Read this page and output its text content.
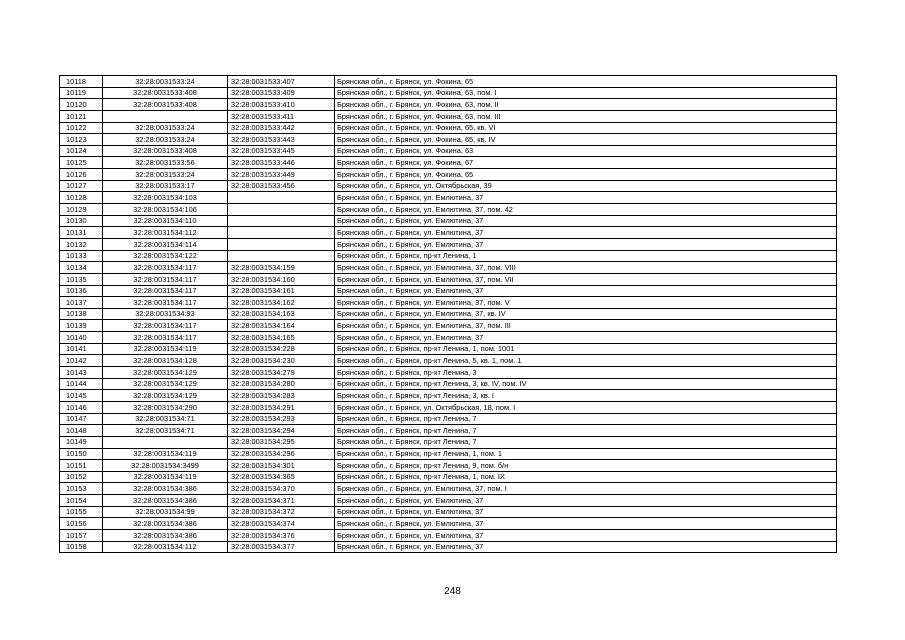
10118	32:28:0031533:24	32:28:0031533:407	Брянская обл., г. Брянск, ул. Фокина, 65
10119	32:28:0031533:408	32:28:0031533:409	Брянская обл., г. Брянск, ул. Фокина, 63, пом. I
10120	32:28:0031533:408	32:28:0031533:410	Брянская обл., г. Брянск, ул. Фокина, 63, пом. II
10121		32:28:0031533:411	Брянская обл., г. Брянск, ул. Фокина, 63, пом. III
10122	32:28:0031533:24	32:28:0031533:442	Брянская обл., г. Брянск, ул. Фокина, 65, кв. VI
10123	32:28:0031533:24	32:28:0031533:443	Брянская обл., г. Брянск, ул. Фокина, 65, кв. IV
10124	32:28:0031533:408	32:28:0031533:445	Брянская обл., г. Брянск, ул. Фокина, 63
10125	32:28:0031533:56	32:28:0031533:446	Брянская обл., г. Брянск, ул. Фокина, 67
10126	32:28:0031533:24	32:28:0031533:449	Брянская обл., г. Брянск, ул. Фокина, 65
10127	32:28:0031533:17	32:28:0031533:456	Брянская обл., г. Брянск, ул. Октябрьская, 39
10128	32:28:0031534:103		Брянская обл., г. Брянск, ул. Емлютина, 37
10129	32:28:0031534:106		Брянская обл., г. Брянск, ул. Емлютина, 37, пом. 42
10130	32:28:0031534:110		Брянская обл., г. Брянск, ул. Емлютина, 37
10131	32:28:0031534:112		Брянская обл., г. Брянск, ул. Емлютина, 37
10132	32:28:0031534:114		Брянская обл., г. Брянск, ул. Емлютина, 37
10133	32:28:0031534:122		Брянская обл., г. Брянск, пр-кт Ленина, 1
10134	32:28:0031534:117	32:28:0031534:159	Брянская обл., г. Брянск, ул. Емлютина, 37, пом. VIII
10135	32:28:0031534:117	32:28:0031534:160	Брянская обл., г. Брянск, ул. Емлютина, 37, пом. VII
10136	32:28:0031534:117	32:28:0031534:161	Брянская обл., г. Брянск, ул. Емлютина, 37
10137	32:28:0031534:117	32:28:0031534:162	Брянская обл., г. Брянск, ул. Емлютина, 37, пом. V
10138	32:28:0031534:93	32:28:0031534:163	Брянская обл., г. Брянск, ул. Емлютина, 37, кв. IV
10139	32:28:0031534:117	32:28:0031534:164	Брянская обл., г. Брянск, ул. Емлютина, 37, пом. III
10140	32:28:0031534:117	32:28:0031534:165	Брянская обл., г. Брянск, ул. Емлютина, 37
10141	32:28:0031534:119	32:28:0031534:228	Брянская обл., г. Брянск, пр-кт Ленина, 1, пом. 1001
10142	32:28:0031534:128	32:28:0031534:230	Брянская обл., г. Брянск, пр-кт Ленина, 5, кв. 1, пом. 1
10143	32:28:0031534:129	32:28:0031534:279	Брянская обл., г. Брянск, пр-кт Ленина, 3
10144	32:28:0031534:129	32:28:0031534:280	Брянская обл., г. Брянск, пр-кт Ленина, 3, кв. IV, пом. IV
10145	32:28:0031534:129	32:28:0031534:283	Брянская обл., г. Брянск, пр-кт Ленина, 3, кв. I
10146	32:28:0031534:290	32:28:0031534:291	Брянская обл., г. Брянск, ул. Октябрьская, 18, пом. I
10147	32:28:0031534:71	32:28:0031534:293	Брянская обл., г. Брянск, пр-кт Ленина, 7
10148	32:28:0031534:71	32:28:0031534:294	Брянская обл., г. Брянск, пр-кт Ленина, 7
10149		32:28:0031534:295	Брянская обл., г. Брянск, пр-кт Ленина, 7
10150	32:28:0031534:119	32:28:0031534:296	Брянская обл., г. Брянск, пр-кт Ленина, 1, пом. 1
10151	32:28:0031534:3499	32:28:0031534:301	Брянская обл., г. Брянск, пр-кт Ленина, 9, пом. б/н
10152	32:28:0031534:119	32:28:0031534:365	Брянская обл., г. Брянск, пр-кт Ленина, 1, пом. IX
10153	32:28:0031534:386	32:28:0031534:370	Брянская обл., г. Брянск, ул. Емлютина, 37, пом. I
10154	32:28:0031534:386	32:28:0031534:371	Брянская обл., г. Брянск, ул. Емлютина, 37
10155	32:28:0031534:99	32:28:0031534:372	Брянская обл., г. Брянск, ул. Емлютина, 37
10156	32:28:0031534:386	32:28:0031534:374	Брянская обл., г. Брянск, ул. Емлютина, 37
10157	32:28:0031534:386	32:28:0031534:376	Брянская обл., г. Брянск, ул. Емлютина, 37
10158	32:28:0031534:112	32:28:0031534:377	Брянская обл., г. Брянск, ул. Емлютина, 37
248
